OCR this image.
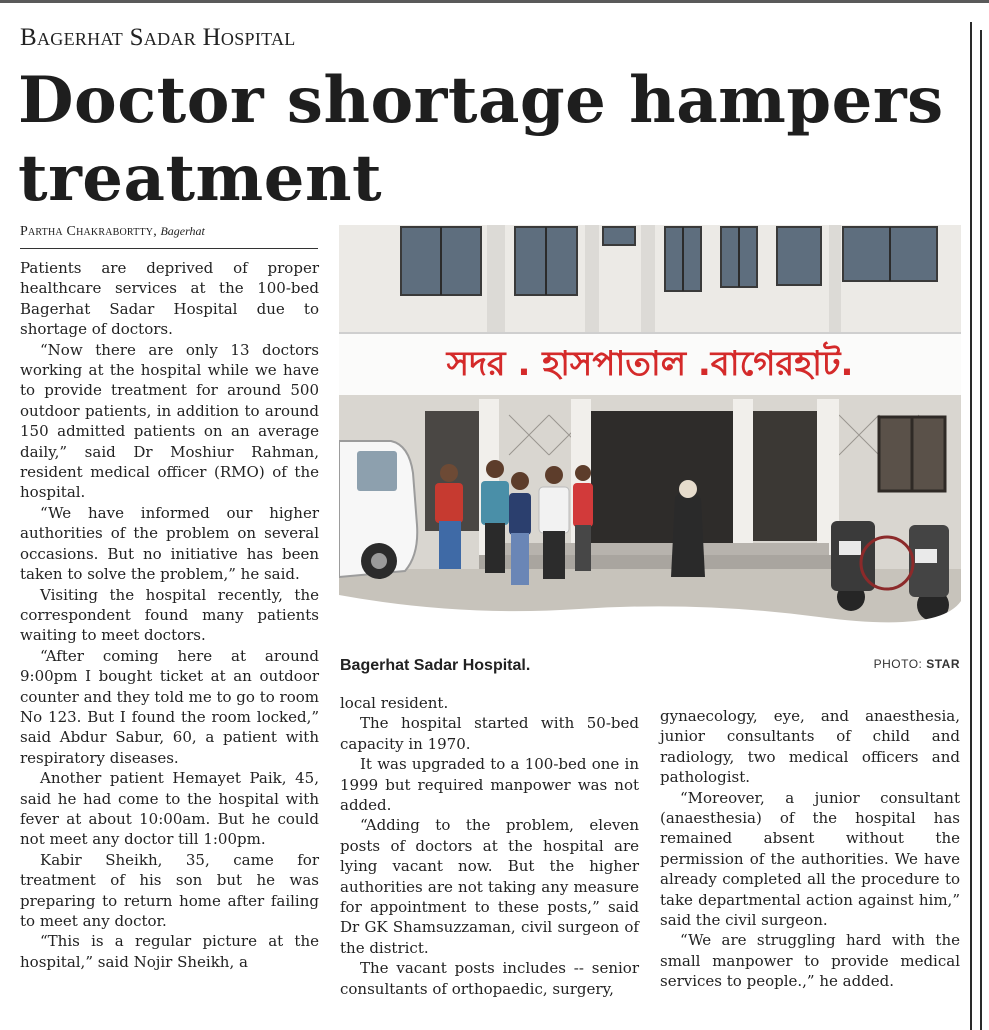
Bagerhat Sadar Hospital
Doctor shortage hampers treatment
Partha Chakrabortty, Bagerhat

Patients are deprived of proper healthcare services at the 100-bed Bagerhat Sadar Hospital due to shortage of doctors.

“Now there are only 13 doctors working at the hospital while we have to provide treatment for around 500 outdoor patients, in addition to around 150 admitted patients on an average daily,” said Dr Moshiur Rahman, resident medical officer (RMO) of the hospital.

“We have informed our higher authorities of the problem on several occasions. But no initiative has been taken to solve the problem,” he said.

Visiting the hospital recently, the correspondent found many patients waiting to meet doctors.

“After coming here at around 9:00pm I bought ticket at an outdoor counter and they told me to go to room No 123. But I found the room locked,” said Abdur Sabur, 60, a patient with respiratory diseases.

Another patient Hemayet Paik, 45, said he had come to the hospital with fever at about 10:00am. But he could not meet any doctor till 1:00pm.

Kabir Sheikh, 35, came for treatment of his son but he was preparing to return home after failing to meet any doctor.

“This is a regular picture at the hospital,” said Nojir Sheikh, a

সদর . হাসপাতাল .বাগেরহাট.
Bagerhat Sadar Hospital.	PHOTO: STAR

local resident.

The hospital started with 50-bed capacity in 1970.

It was upgraded to a 100-bed one in 1999 but required manpower was not added.

“Adding to the problem, eleven posts of doctors at the hospital are lying vacant now. But the higher authorities are not taking any measure for appointment to these posts,” said Dr GK Shamsuzzaman, civil surgeon of the district.

The vacant posts includes -- senior consultants of orthopaedic, surgery,

gynaecology, eye, and anaesthesia, junior consultants of child and radiology, two medical officers and pathologist.

“Moreover, a junior consultant (anaesthesia) of the hospital has remained absent without the permission of the authorities. We have already completed all the procedure to take departmental action against him,” said the civil surgeon.

“We are struggling hard with the small manpower to provide medical services to people.,” he added.
